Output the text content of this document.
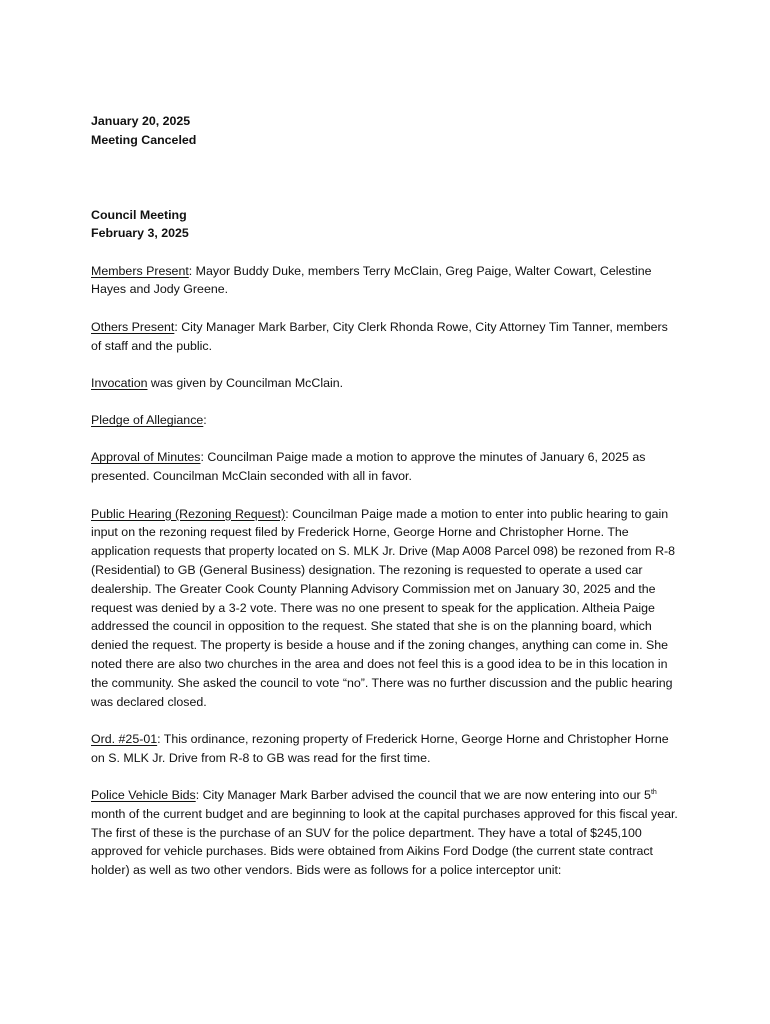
January 20, 2025

Meeting Canceled

Council Meeting

February 3, 2025

Members Present: Mayor Buddy Duke, members Terry McClain, Greg Paige, Walter Cowart, Celestine Hayes and Jody Greene.

Others Present: City Manager Mark Barber, City Clerk Rhonda Rowe, City Attorney Tim Tanner, members of staff and the public.

Invocation was given by Councilman McClain.

Pledge of Allegiance:

Approval of Minutes: Councilman Paige made a motion to approve the minutes of January 6, 2025 as presented. Councilman McClain seconded with all in favor.

Public Hearing (Rezoning Request): Councilman Paige made a motion to enter into public hearing to gain input on the rezoning request filed by Frederick Horne, George Horne and Christopher Horne. The application requests that property located on S. MLK Jr. Drive (Map A008 Parcel 098) be rezoned from R-8 (Residential) to GB (General Business) designation. The rezoning is requested to operate a used car dealership. The Greater Cook County Planning Advisory Commission met on January 30, 2025 and the request was denied by a 3-2 vote. There was no one present to speak for the application. Altheia Paige addressed the council in opposition to the request. She stated that she is on the planning board, which denied the request. The property is beside a house and if the zoning changes, anything can come in. She noted there are also two churches in the area and does not feel this is a good idea to be in this location in the community. She asked the council to vote “no”. There was no further discussion and the public hearing was declared closed.

Ord. #25-01: This ordinance, rezoning property of Frederick Horne, George Horne and Christopher Horne on S. MLK Jr. Drive from R-8 to GB was read for the first time.

Police Vehicle Bids: City Manager Mark Barber advised the council that we are now entering into our 5th month of the current budget and are beginning to look at the capital purchases approved for this fiscal year. The first of these is the purchase of an SUV for the police department. They have a total of $245,100 approved for vehicle purchases. Bids were obtained from Aikins Ford Dodge (the current state contract holder) as well as two other vendors. Bids were as follows for a police interceptor unit:
